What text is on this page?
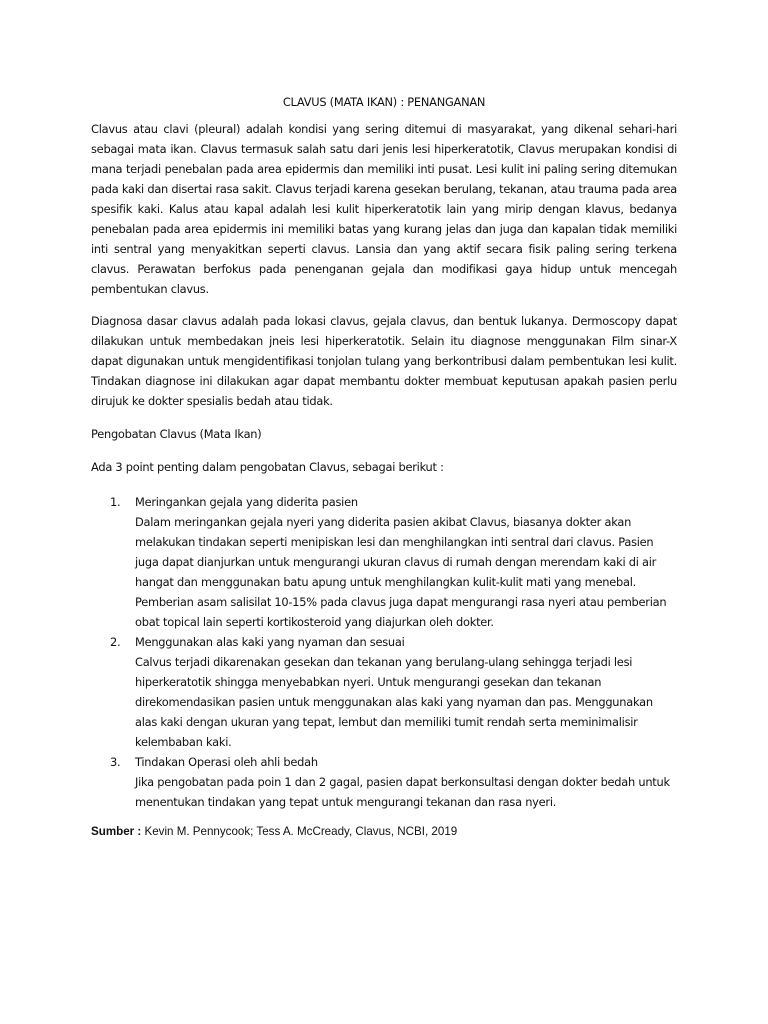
CLAVUS (MATA IKAN) : PENANGANAN

Clavus atau clavi (pleural) adalah kondisi yang sering ditemui di masyarakat, yang dikenal sehari-hari sebagai mata ikan. Clavus termasuk salah satu dari jenis lesi hiperkeratotik, Clavus merupakan kondisi di mana terjadi penebalan pada area epidermis dan memiliki inti pusat. Lesi kulit ini paling sering ditemukan pada kaki dan disertai rasa sakit. Clavus terjadi karena gesekan berulang, tekanan, atau trauma pada area spesifik kaki. Kalus atau kapal adalah lesi kulit hiperkeratotik lain yang mirip dengan klavus, bedanya penebalan pada area epidermis ini memiliki batas yang kurang jelas dan juga dan kapalan tidak memiliki inti sentral yang menyakitkan seperti clavus. Lansia dan yang aktif secara fisik paling sering terkena clavus. Perawatan berfokus pada penenganan gejala dan modifikasi gaya hidup untuk mencegah pembentukan clavus.

Diagnosa dasar clavus adalah pada lokasi clavus, gejala clavus, dan bentuk lukanya. Dermoscopy dapat dilakukan untuk membedakan jneis lesi hiperkeratotik. Selain itu diagnose menggunakan Film sinar-X dapat digunakan untuk mengidentifikasi tonjolan tulang yang berkontribusi dalam pembentukan lesi kulit. Tindakan diagnose ini dilakukan agar dapat membantu dokter membuat keputusan apakah pasien perlu dirujuk ke dokter spesialis bedah atau tidak.

Pengobatan Clavus (Mata Ikan)

Ada 3 point penting dalam pengobatan Clavus, sebagai berikut :

1. Meringankan gejala yang diderita pasien
Dalam meringankan gejala nyeri yang diderita pasien akibat Clavus, biasanya dokter akan melakukan tindakan seperti menipiskan lesi dan menghilangkan inti sentral dari clavus. Pasien juga dapat dianjurkan untuk mengurangi ukuran clavus di rumah dengan merendam kaki di air hangat dan menggunakan batu apung untuk menghilangkan kulit-kulit mati yang menebal. Pemberian asam salisilat 10-15% pada clavus juga dapat mengurangi rasa nyeri atau pemberian obat topical lain seperti kortikosteroid yang diajurkan oleh dokter.
2. Menggunakan alas kaki yang nyaman dan sesuai
Calvus terjadi dikarenakan gesekan dan tekanan yang berulang-ulang sehingga terjadi lesi hiperkeratotik shingga menyebabkan nyeri. Untuk mengurangi gesekan dan tekanan direkomendasikan pasien untuk menggunakan alas kaki yang nyaman dan pas. Menggunakan alas kaki dengan ukuran yang tepat, lembut dan memiliki tumit rendah serta meminimalisir kelembaban kaki.
3. Tindakan Operasi oleh ahli bedah
Jika pengobatan pada poin 1 dan 2 gagal, pasien dapat berkonsultasi dengan dokter bedah untuk menentukan tindakan yang tepat untuk mengurangi tekanan dan rasa nyeri.
Sumber : Kevin M. Pennycook; Tess A. McCready, Clavus, NCBI, 2019
